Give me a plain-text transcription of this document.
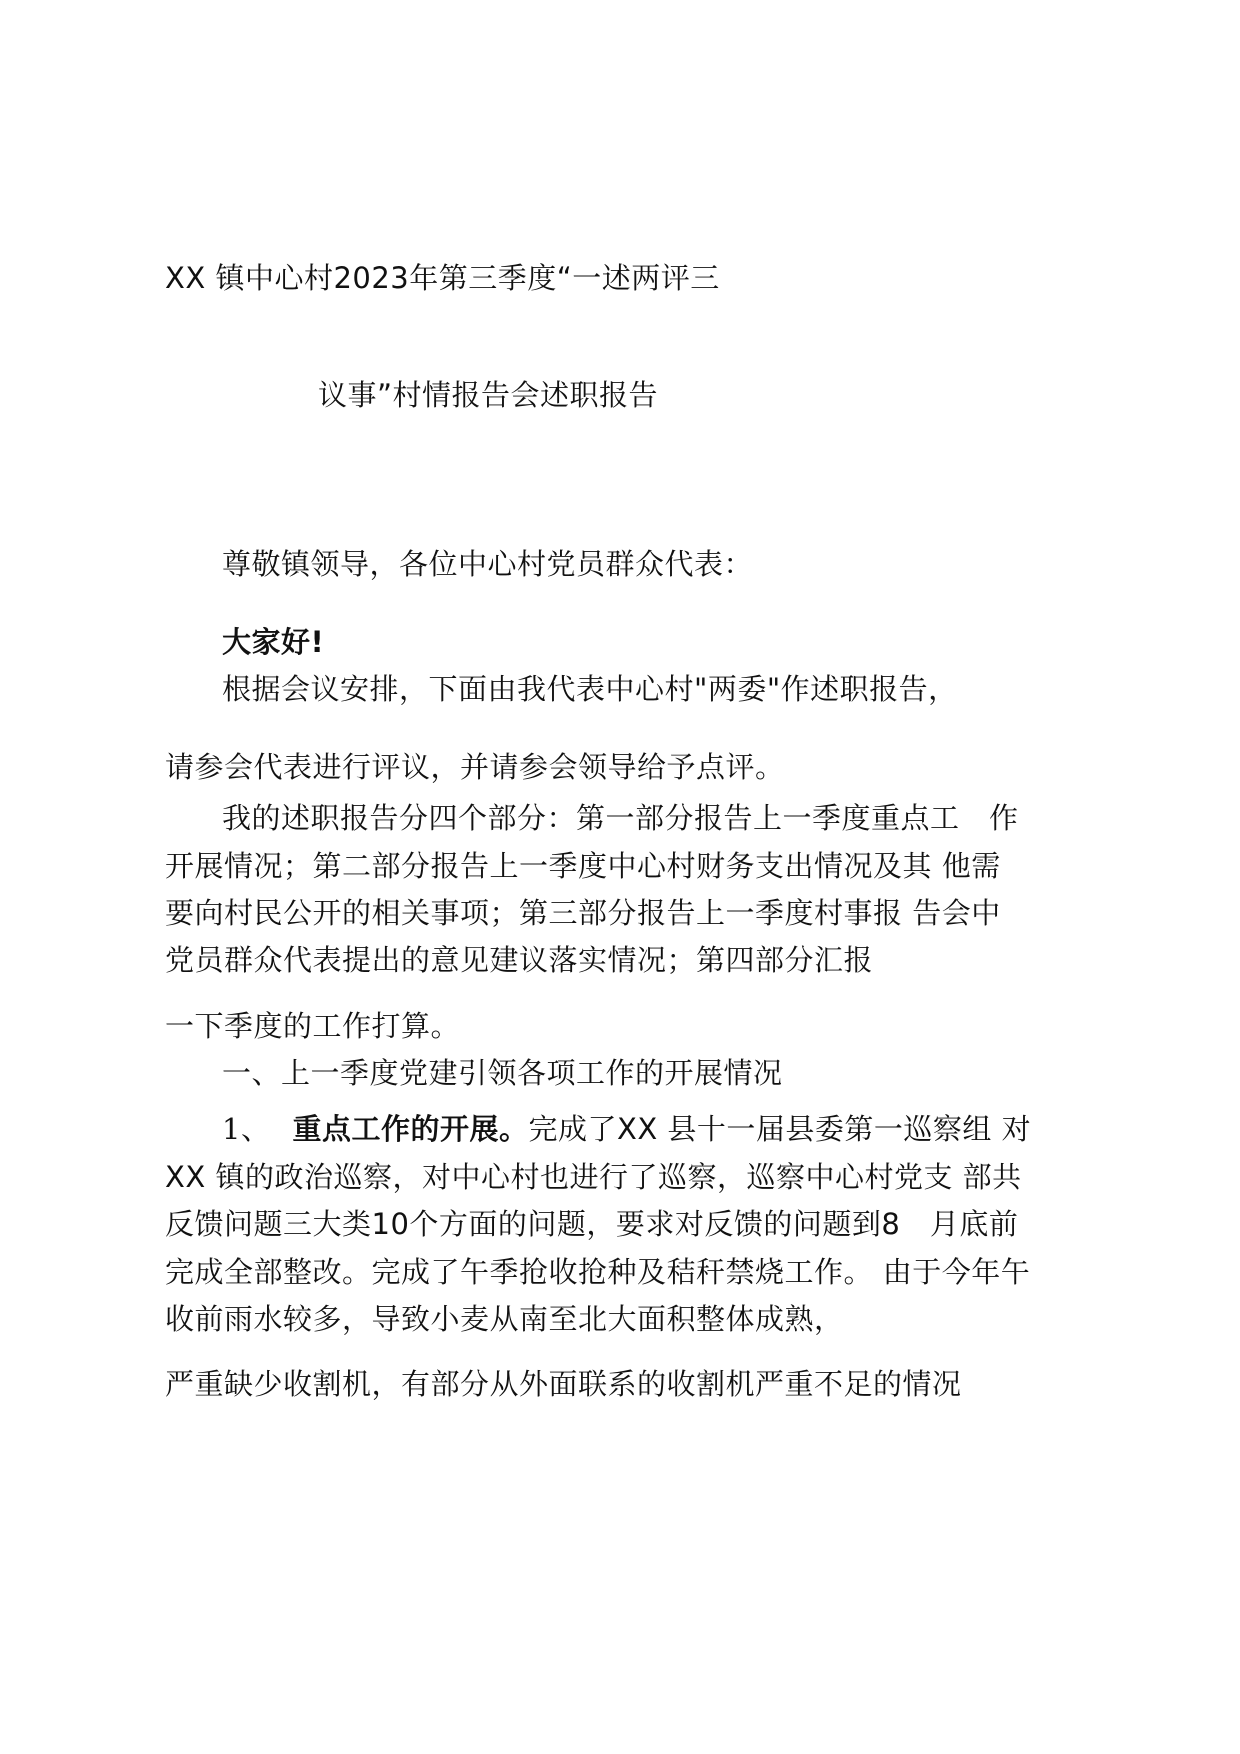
XX 镇中心村2023年第三季度“一述两评三
议事”村情报告会述职报告
尊敬镇领导，各位中心村党员群众代表：
大家好!
根据会议安排，下面由我代表中心村"两委"作述职报告，
请参会代表进行评议，并请参会领导给予点评。
我的述职报告分四个部分：第一部分报告上一季度重点工　作
开展情况；第二部分报告上一季度中心村财务支出情况及其 他需
要向村民公开的相关事项；第三部分报告上一季度村事报 告会中
党员群众代表提出的意见建议落实情况；第四部分汇报
一下季度的工作打算。
一、上一季度党建引领各项工作的开展情况
1、 重点工作的开展。完成了XX 县十一届县委第一巡察组 对
XX 镇的政治巡察，对中心村也进行了巡察，巡察中心村党支 部共
反馈问题三大类10个方面的问题，要求对反馈的问题到8　月底前
完成全部整改。完成了午季抢收抢种及秸秆禁烧工作。 由于今年午
收前雨水较多，导致小麦从南至北大面积整体成熟，
严重缺少收割机，有部分从外面联系的收割机严重不足的情况
